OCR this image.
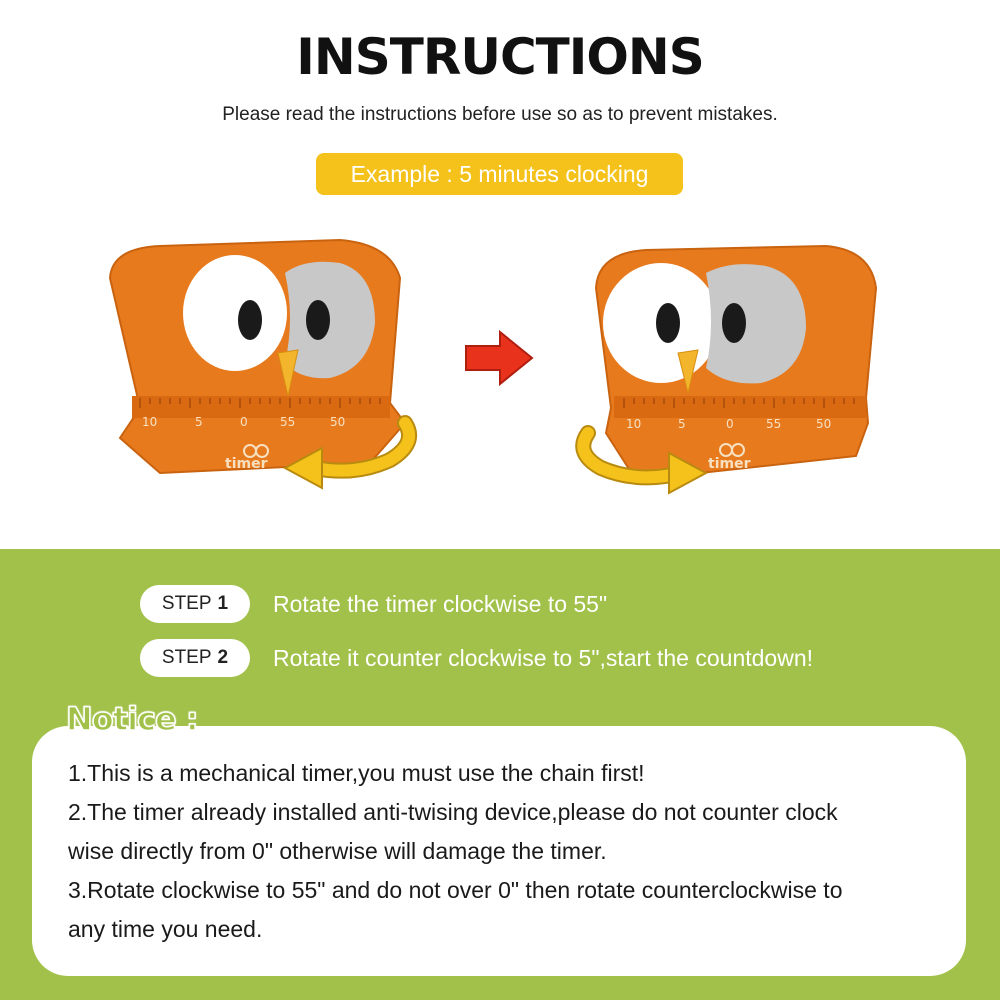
INSTRUCTIONS
Please read the instructions before use so as to prevent mistakes.
Example : 5 minutes clocking
10	5	0	55	50
timer
10	5	0	55	50
timer
STEP 1 Rotate the timer clockwise to 55"
STEP 2 Rotate it counter clockwise to 5",start the countdown!
Notice :

1.This is a mechanical timer,you must use the chain first!

2.The timer already installed anti-twising device,please do not counter clock

wise directly from 0" otherwise will damage the timer.

3.Rotate clockwise to 55" and do not over 0" then rotate counterclockwise to

any time you need.
